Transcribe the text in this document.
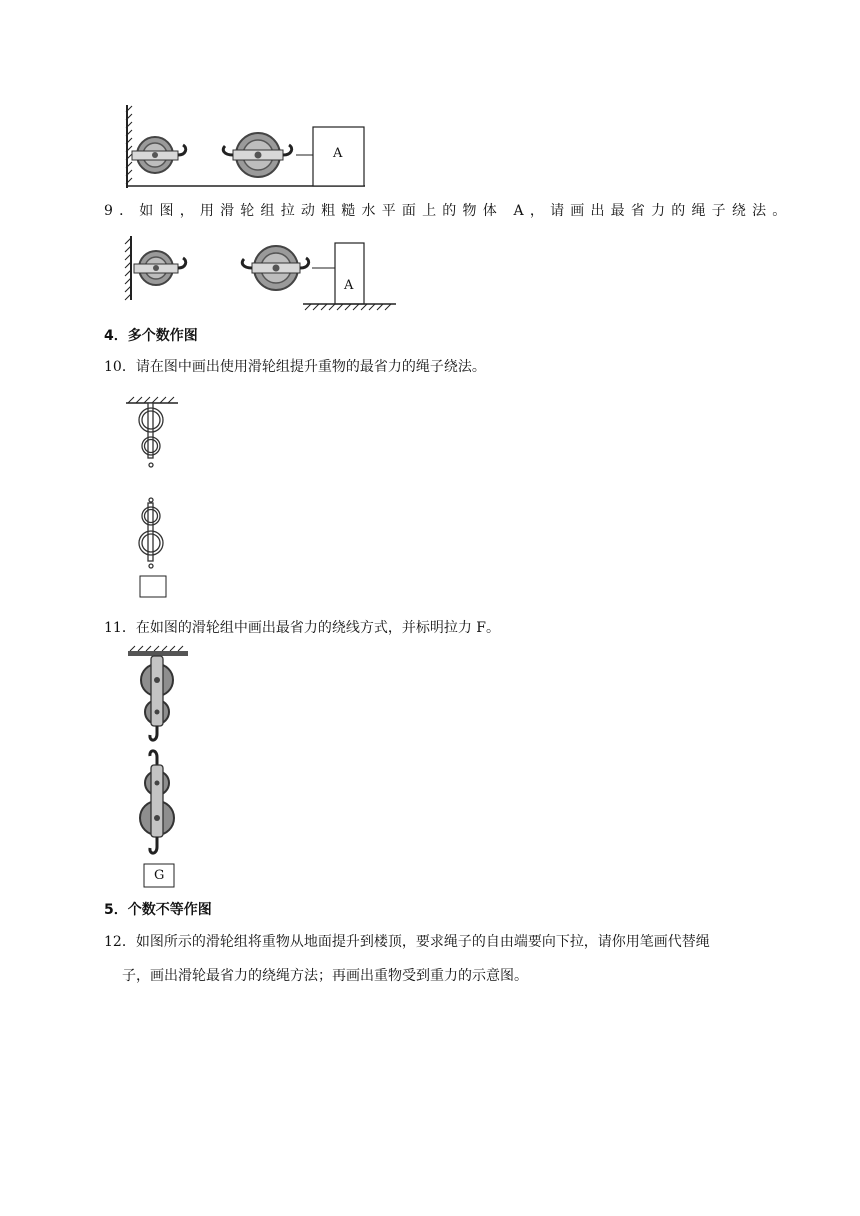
A
9．如图，用滑轮组拉动粗糙水平面上的物体 A，请画出最省力的绳子绕法。
A
4．多个数作图
10．请在图中画出使用滑轮组提升重物的最省力的绳子绕法。
11．在如图的滑轮组中画出最省力的绕线方式，并标明拉力 F。
G
5．个数不等作图
12．如图所示的滑轮组将重物从地面提升到楼顶，要求绳子的自由端要向下拉，请你用笔画代替绳
子，画出滑轮最省力的绕绳方法；再画出重物受到重力的示意图。
